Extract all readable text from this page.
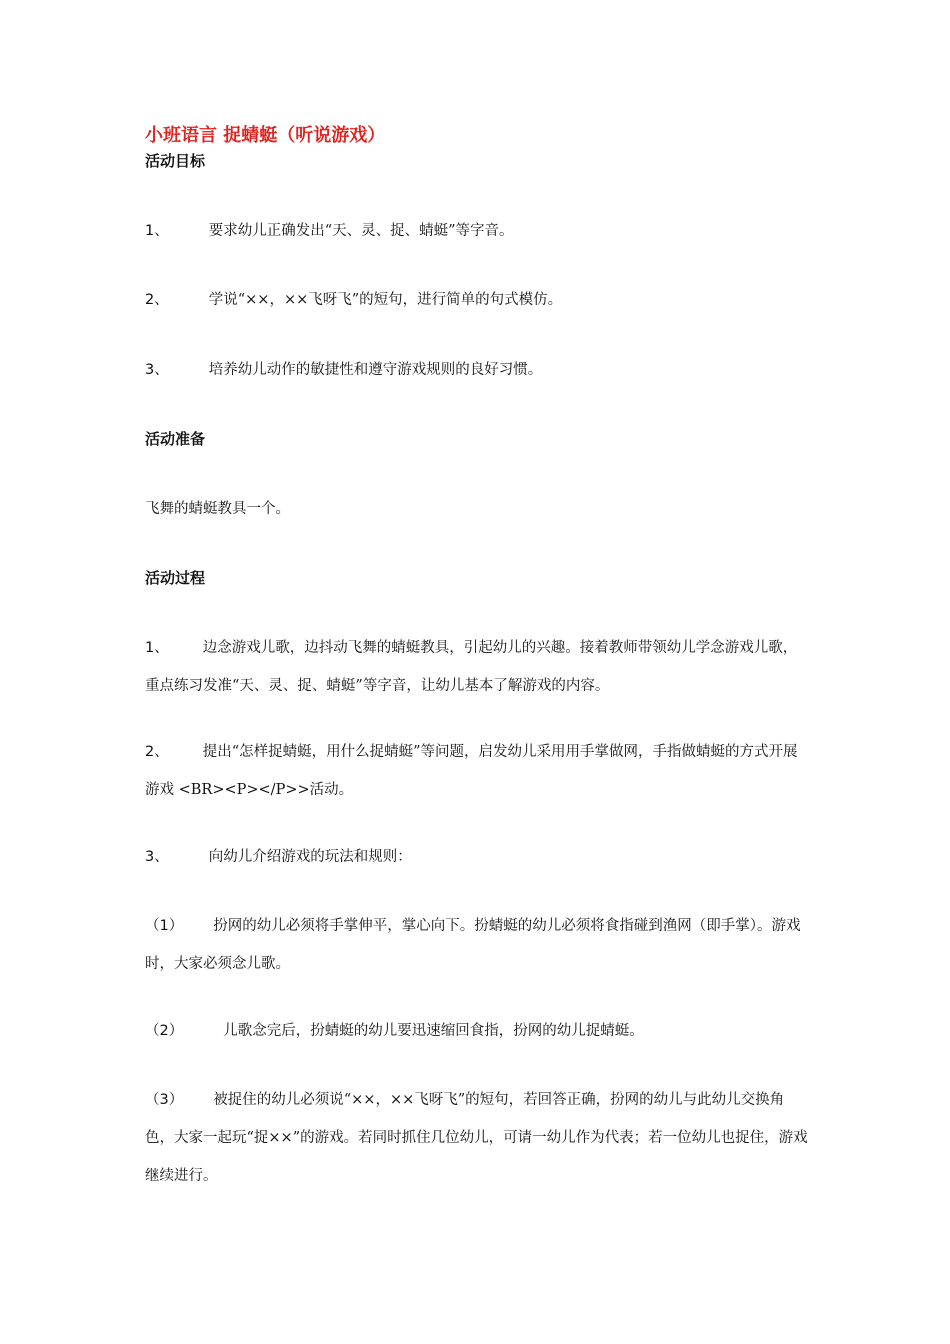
小班语言 捉蜻蜓（听说游戏）
活动目标
1、	要求幼儿正确发出“天、灵、捉、蜻蜓”等字音。
2、	学说“××，××飞呀飞”的短句，进行简单的句式模仿。
3、	培养幼儿动作的敏捷性和遵守游戏规则的良好习惯。
活动准备
飞舞的蜻蜓教具一个。
活动过程
1、 边念游戏儿歌，边抖动飞舞的蜻蜓教具，引起幼儿的兴趣。接着教师带领幼儿学念游戏儿歌，重点练习发准“天、灵、捉、蜻蜓”等字音，让幼儿基本了解游戏的内容。
2、 提出“怎样捉蜻蜓，用什么捉蜻蜓”等问题，启发幼儿采用用手掌做网，手指做蜻蜓的方式开展游戏 <BR><P></P>>活动。
3、	向幼儿介绍游戏的玩法和规则：
（1） 扮网的幼儿必须将手掌伸平，掌心向下。扮蜻蜓的幼儿必须将食指碰到渔网（即手掌）。游戏时，大家必须念儿歌。
（2）	儿歌念完后，扮蜻蜓的幼儿要迅速缩回食指，扮网的幼儿捉蜻蜓。
（3） 被捉住的幼儿必须说“××，××飞呀飞”的短句，若回答正确，扮网的幼儿与此幼儿交换角色，大家一起玩“捉××”的游戏。若同时抓住几位幼儿，可请一幼儿作为代表；若一位幼儿也捉住，游戏继续进行。
